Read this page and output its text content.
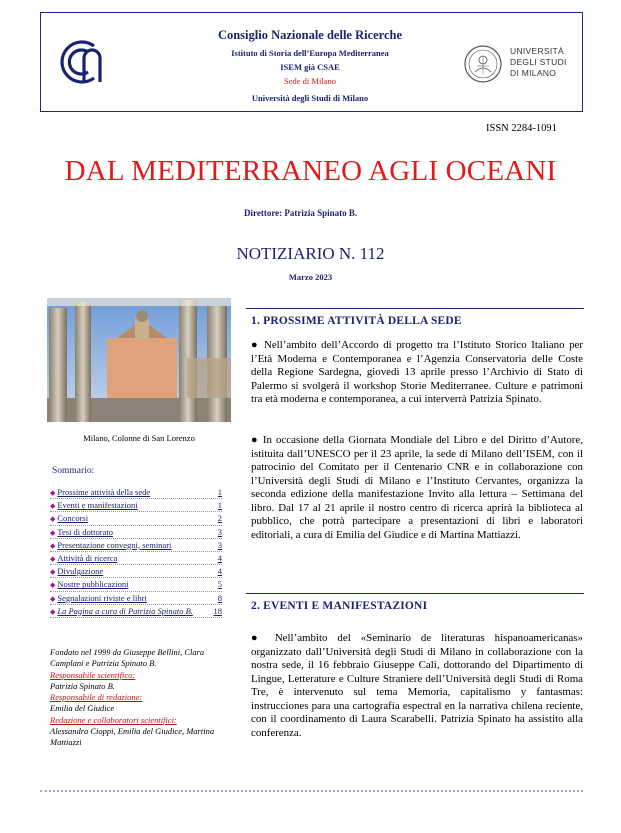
Consiglio Nazionale delle Ricerche
Istituto di Storia dell’Europa Mediterranea
ISEM già CSAE
Sede di Milano
Università degli Studi di Milano
UNIVERSITÀ
DEGLI STUDI
DI MILANO
ISSN 2284-1091
DAL MEDITERRANEO AGLI OCEANI
Direttore: Patrizia Spinato B.
NOTIZIARIO N. 112
Marzo 2023
Milano, Colonne di San Lorenzo
Sommario:
◆ Prossime attività della sede	1
◆ Eventi e manifestazioni	1
◆ Concorsi	2
◆ Tesi di dottorato	3
◆ Presentazione convegni, seminari	3
◆ Attività di ricerca	4
◆ Divulgazione	4
◆ Nostre pubblicazioni	5
◆ Segnalazioni riviste e libri	8
◆ La Pagina a cura di Patrizia Spinato B. 18
Fondato nel 1999 da Giuseppe Bellini, Clara Camplani e Patrizia Spinato B.
Responsabile scientifico:
Patrizia Spinato B.
Responsabile di redazione:
Emilia del Giudice
Redazione e collaboratori scientifici:
Alessandra Cioppi, Emilia del Giudice, Martina Mattiazzi
1. PROSSIME ATTIVITÀ DELLA SEDE
● Nell’ambito dell’Accordo di progetto tra l’Istituto Storico Italiano per l’Età Moderna e Contemporanea e l’Agenzia Conservatoria delle Coste della Regione Sardegna, giovedì 13 aprile presso l’Archivio di Stato di Palermo si svolgerà il workshop Storie Mediterranee. Culture e patrimoni tra età moderna e contemporanea, a cui interverrà Patrizia Spinato.
● In occasione della Giornata Mondiale del Libro e del Diritto d’Autore, istituita dall’UNESCO per il 23 aprile, la sede di Milano dell’ISEM, con il patrocinio del Comitato per il Centenario CNR e in collaborazione con l’Università degli Studi di Milano e l’Instituto Cervantes, organizza la seconda edizione della manifestazione Invito alla lettura – Settimana del libro. Dal 17 al 21 aprile il nostro centro di ricerca aprirà la biblioteca al pubblico, che potrà partecipare a presentazioni di libri e laboratori editoriali, a cura di Emilia del Giudice e di Martina Mattiazzi.
2. EVENTI E MANIFESTAZIONI
● Nell’ambito del «Seminario de literaturas hispanoamericanas» organizzato dall’Università degli Studi di Milano in collaborazione con la nostra sede, il 16 febbraio Giuseppe Cali, dottorando del Dipartimento di Lingue, Letterature e Culture Straniere dell’Università degli Studi di Roma Tre, è intervenuto sul tema Memoria, capitalismo y fantasmas: instrucciones para una cartografía espectral en la narrativa chilena reciente, con il coordinamento di Laura Scarabelli. Patrizia Spinato ha assistito alla conferenza.
